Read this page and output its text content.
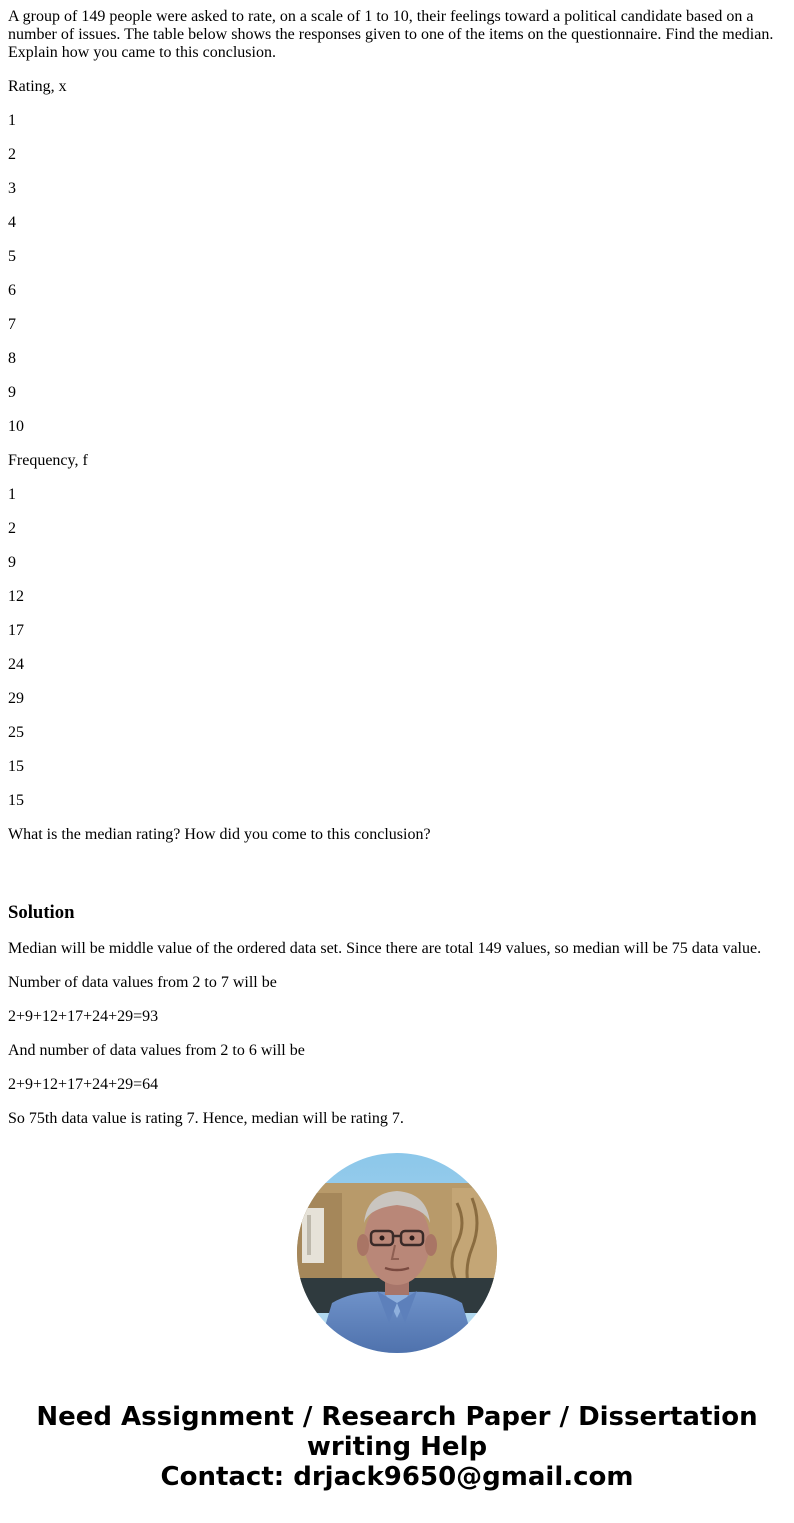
A group of 149 people were asked to rate, on a scale of 1 to 10, their feelings toward a political candidate based on a number of issues. The table below shows the responses given to one of the items on the questionnaire. Find the median. Explain how you came to this conclusion.

Rating, x

1

2

3

4

5

6

7

8

9

10

Frequency, f

1

2

9

12

17

24

29

25

15

15

What is the median rating? How did you come to this conclusion?

Solution

Median will be middle value of the ordered data set. Since there are total 149 values, so median will be 75 data value.

Number of data values from 2 to 7 will be

2+9+12+17+24+29=93

And number of data values from 2 to 6 will be

2+9+12+17+24+29=64

So 75th data value is rating 7. Hence, median will be rating 7.

Need Assignment / Research Paper / Dissertation
writing Help
Contact: drjack9650@gmail.com
